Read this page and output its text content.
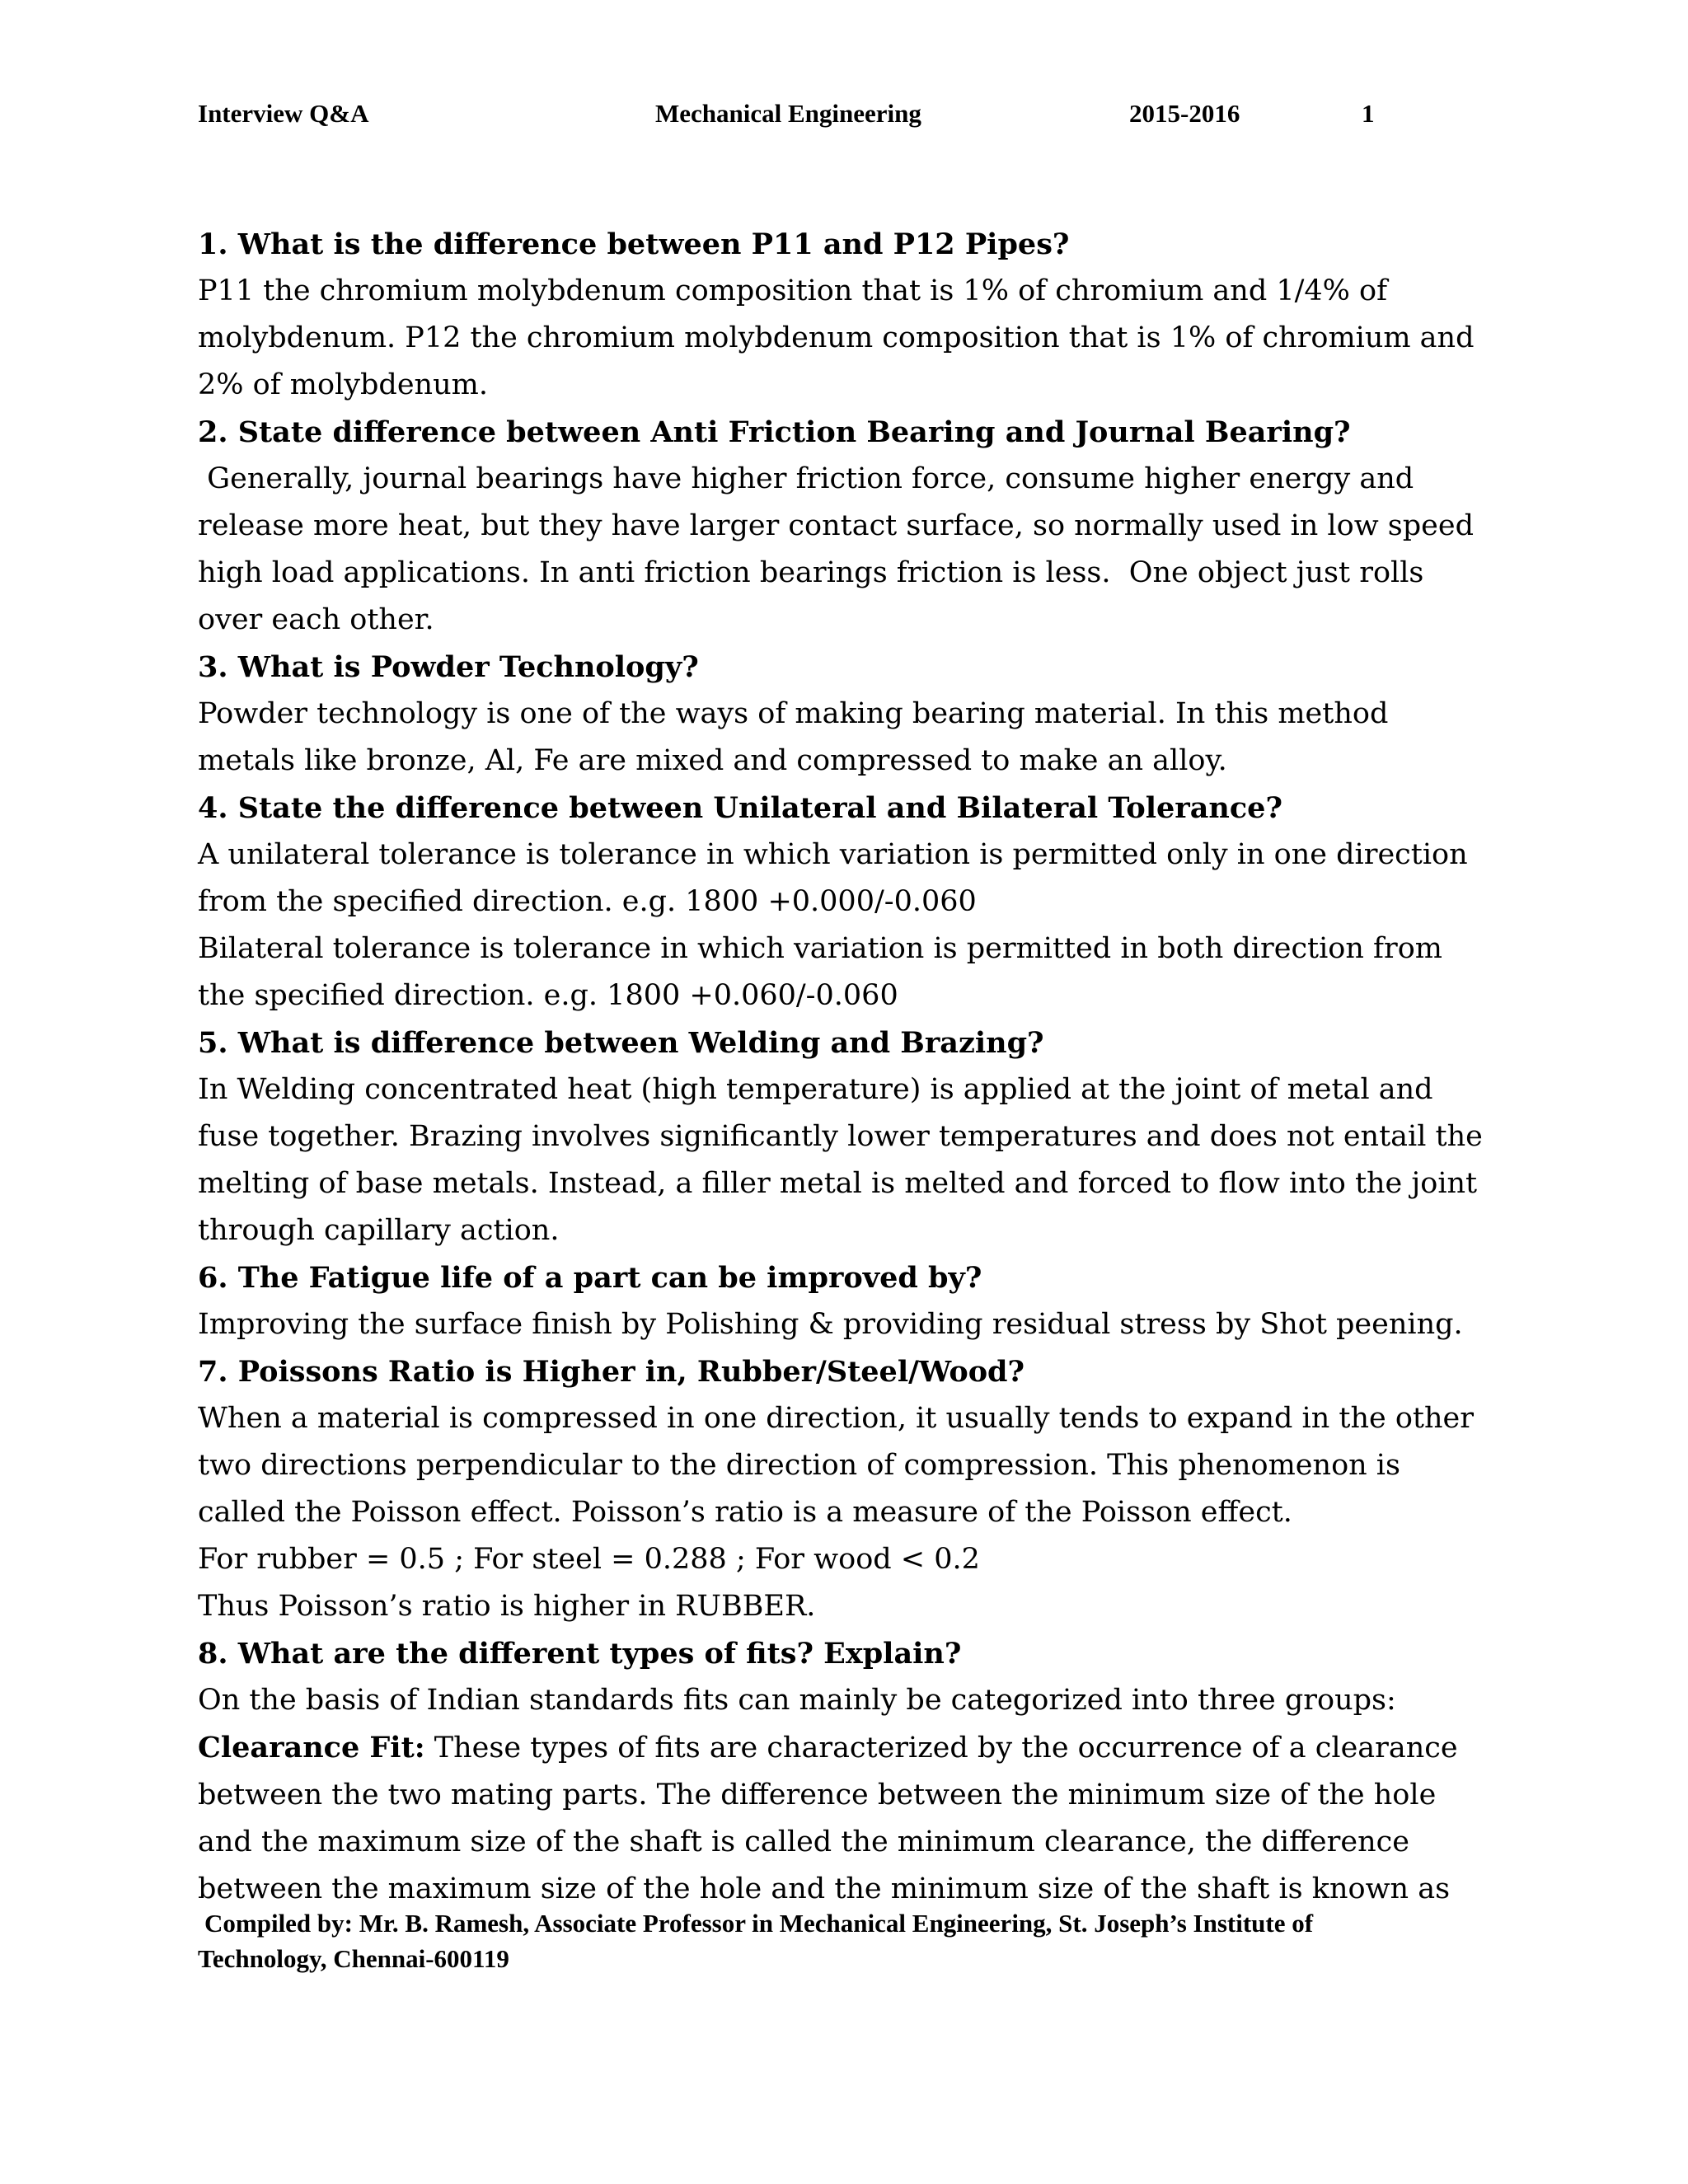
Interview Q&A	Mechanical Engineering	2015-2016	1

1. What is the difference between P11 and P12 Pipes?

P11 the chromium molybdenum composition that is 1% of chromium and 1/4% of molybdenum. P12 the chromium molybdenum composition that is 1% of chromium and 2% of molybdenum.

2. State difference between Anti Friction Bearing and Journal Bearing?

Generally, journal bearings have higher friction force, consume higher energy and release more heat, but they have larger contact surface, so normally used in low speed high load applications. In anti friction bearings friction is less.  One object just rolls over each other.

3. What is Powder Technology?

Powder technology is one of the ways of making bearing material. In this method metals like bronze, Al, Fe are mixed and compressed to make an alloy.

4. State the difference between Unilateral and Bilateral Tolerance?

A unilateral tolerance is tolerance in which variation is permitted only in one direction from the specified direction. e.g. 1800 +0.000/-0.060

Bilateral tolerance is tolerance in which variation is permitted in both direction from the specified direction. e.g. 1800 +0.060/-0.060

5. What is difference between Welding and Brazing?

In Welding concentrated heat (high temperature) is applied at the joint of metal and fuse together. Brazing involves significantly lower temperatures and does not entail the melting of base metals. Instead, a filler metal is melted and forced to flow into the joint through capillary action.

6. The Fatigue life of a part can be improved by?

Improving the surface finish by Polishing & providing residual stress by Shot peening.

7. Poissons Ratio is Higher in, Rubber/Steel/Wood?

When a material is compressed in one direction, it usually tends to expand in the other two directions perpendicular to the direction of compression. This phenomenon is called the Poisson effect. Poisson’s ratio is a measure of the Poisson effect.

For rubber = 0.5 ; For steel = 0.288 ; For wood < 0.2

Thus Poisson’s ratio is higher in RUBBER.

8. What are the different types of fits? Explain?

On the basis of Indian standards fits can mainly be categorized into three groups:

Clearance Fit: These types of fits are characterized by the occurrence of a clearance between the two mating parts. The difference between the minimum size of the hole and the maximum size of the shaft is called the minimum clearance, the difference between the maximum size of the hole and the minimum size of the shaft is known as

Compiled by: Mr. B. Ramesh, Associate Professor in Mechanical Engineering, St. Joseph’s Institute of

Technology, Chennai-600119
